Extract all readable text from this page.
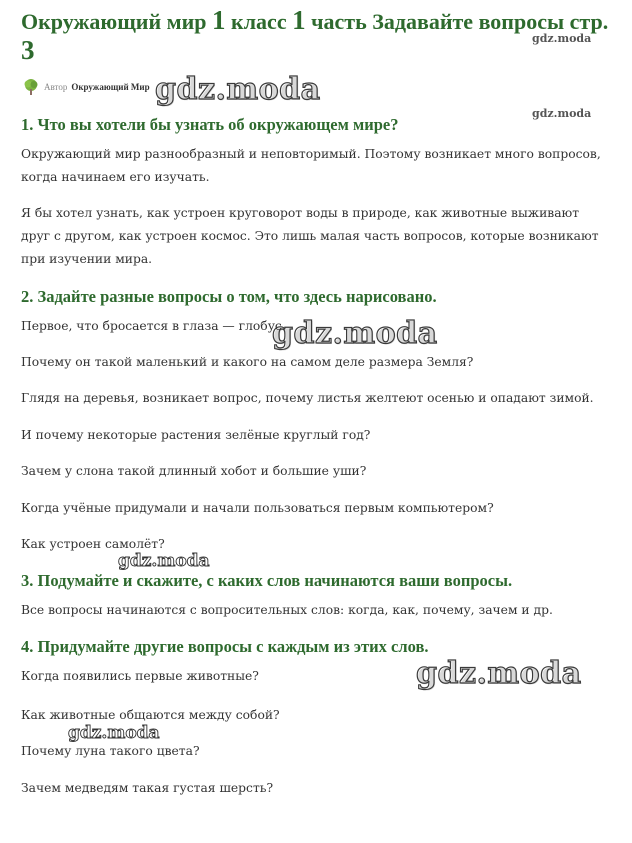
Окружающий мир 1 класс 1 часть Задавайте вопросы стр. 3
Автор Окружающий Мир
1. Что вы хотели бы узнать об окружающем мире?

Окружающий мир разнообразный и неповторимый. Поэтому возникает много вопросов, когда начинаем его изучать.

Я бы хотел узнать, как устроен круговорот воды в природе, как животные выживают друг с другом, как устроен космос. Это лишь малая часть вопросов, которые возникают при изучении мира.

2. Задайте разные вопросы о том, что здесь нарисовано.

Первое, что бросается в глаза — глобус.

Почему он такой маленький и какого на самом деле размера Земля?

Глядя на деревья, возникает вопрос, почему листья желтеют осенью и опадают зимой.

И почему некоторые растения зелёные круглый год?

Зачем у слона такой длинный хобот и большие уши?

Когда учёные придумали и начали пользоваться первым компьютером?

Как устроен самолёт?

3. Подумайте и скажите, с каких слов начинаются ваши вопросы.

Все вопросы начинаются с вопросительных слов: когда, как, почему, зачем и др.

4. Придумайте другие вопросы с каждым из этих слов.

Когда появились первые животные?

Как животные общаются между собой?

Почему луна такого цвета?

Зачем медведям такая густая шерсть?

gdz.moda
gdz.moda
gdz.moda
gdz.moda
gdz.moda
gdz.moda
gdz.moda
